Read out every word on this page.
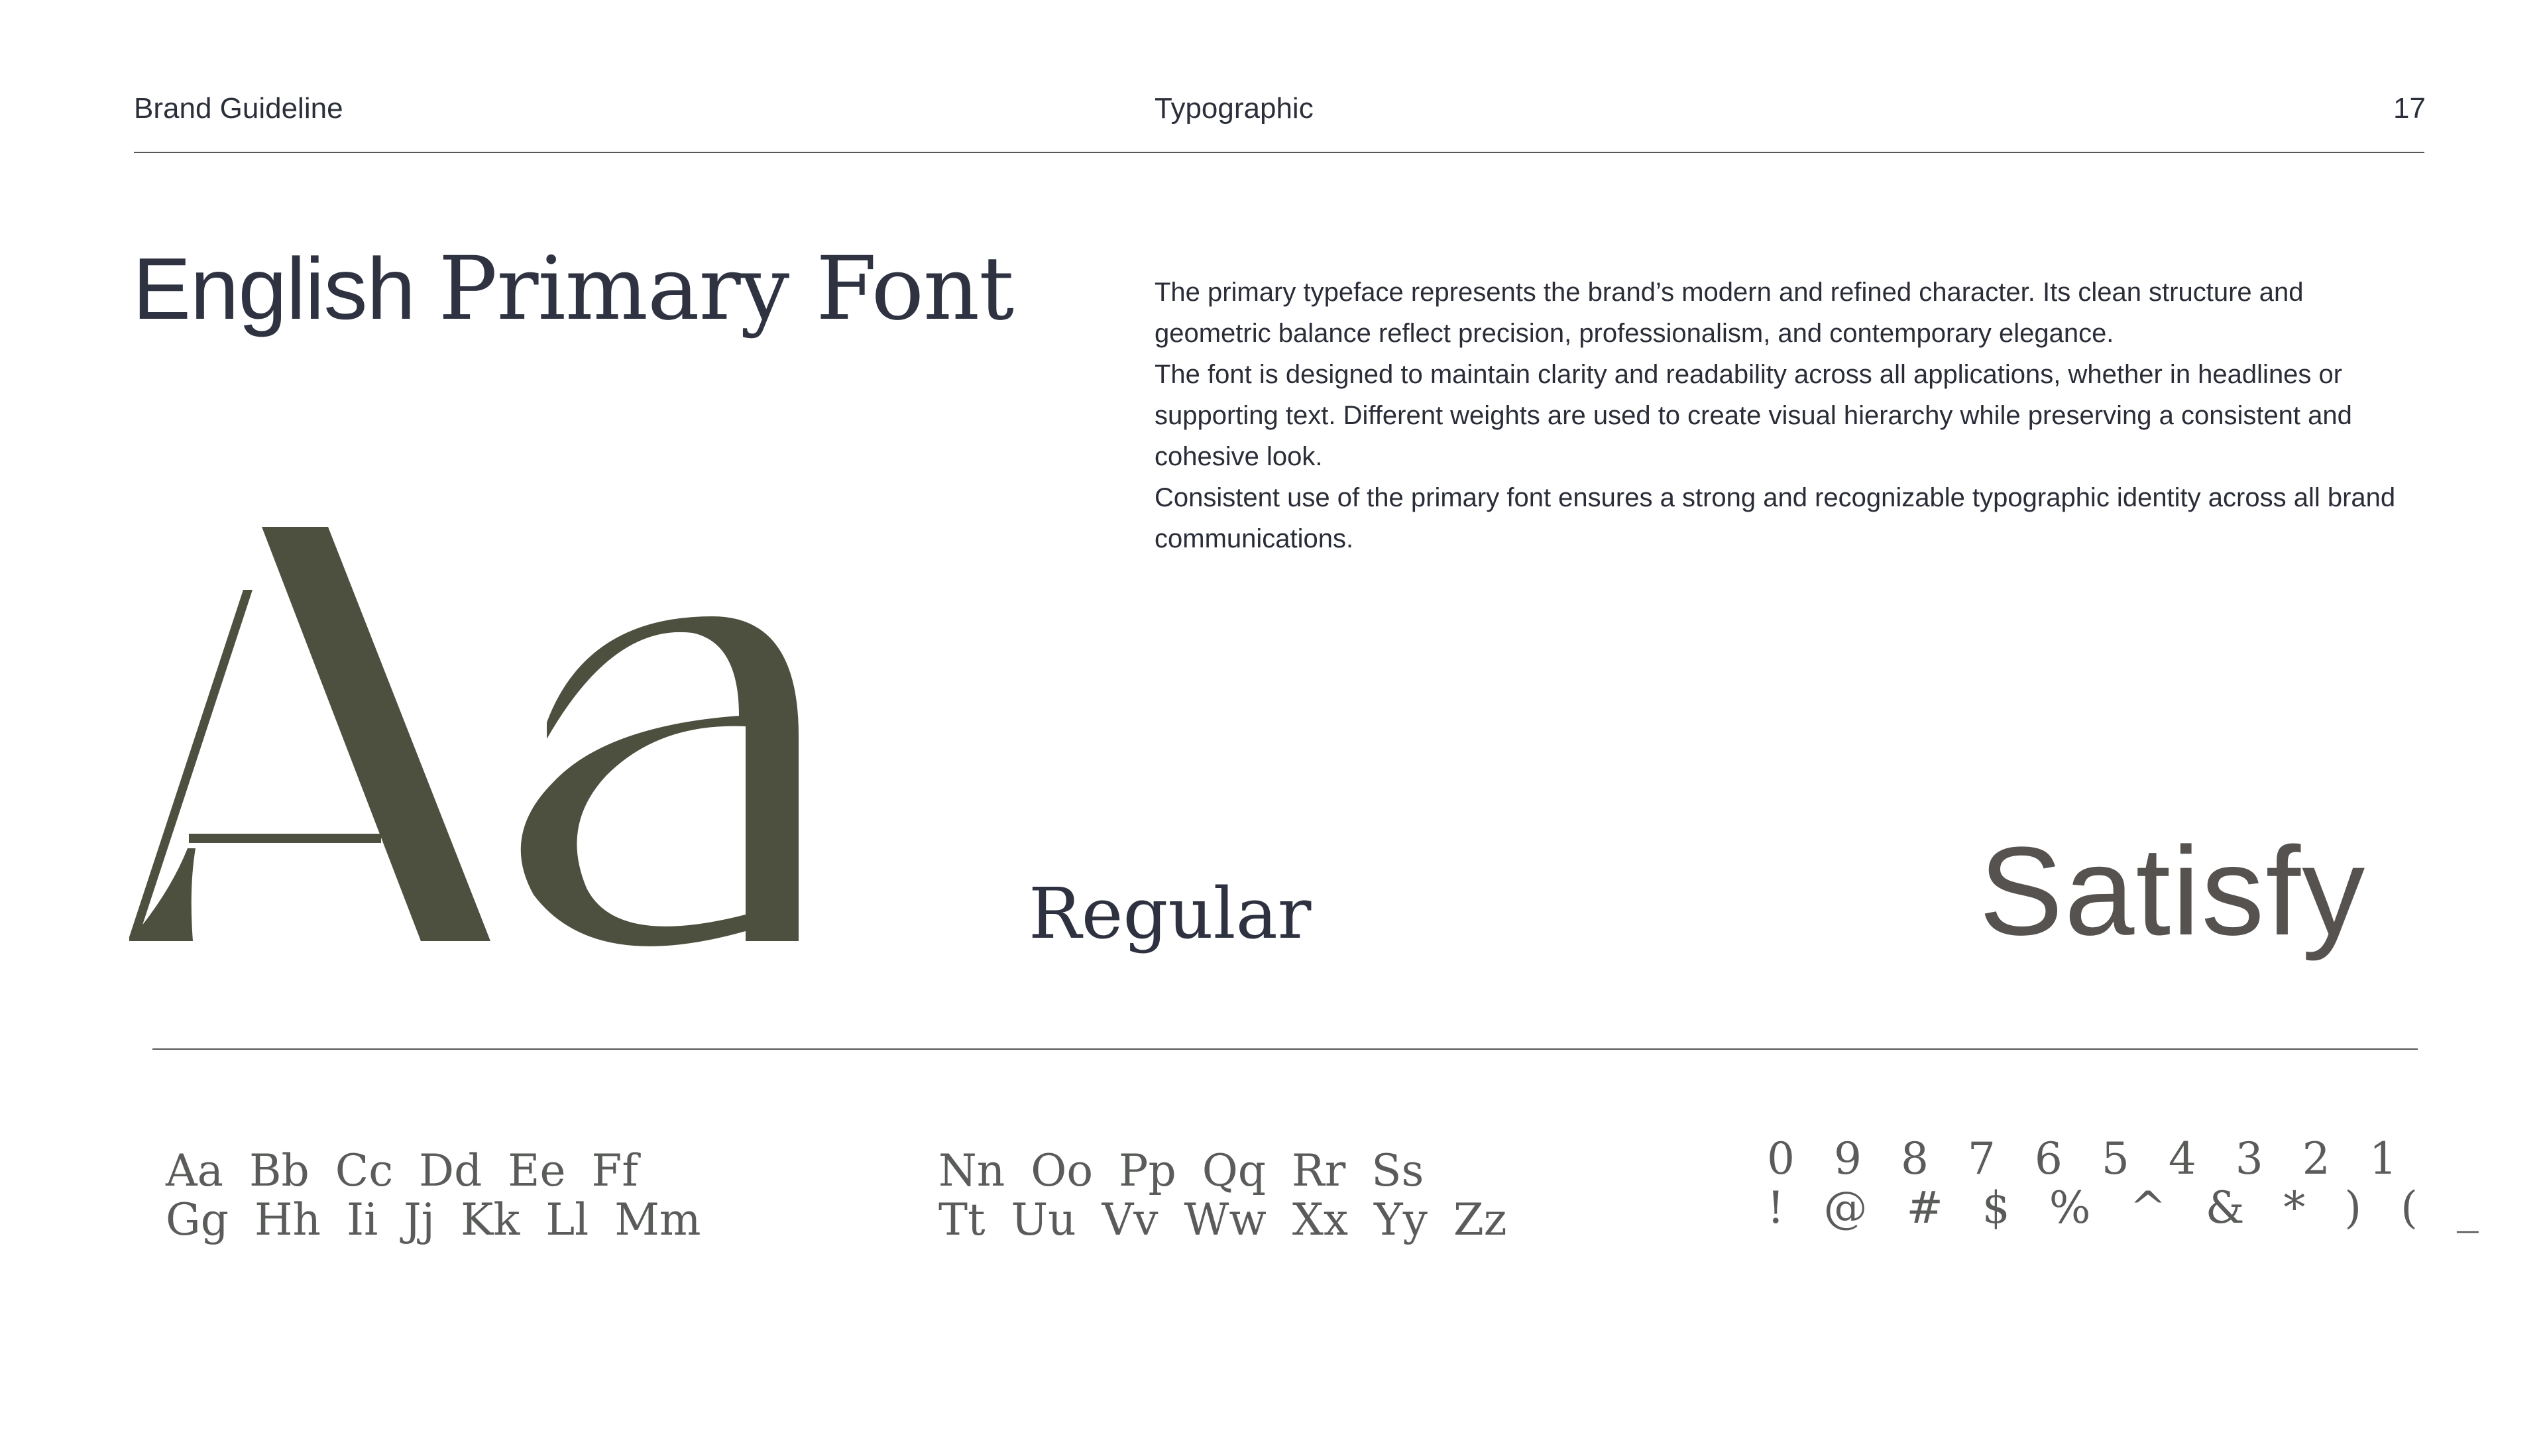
Brand Guideline	Typographic	17
English Primary Font	The primary typeface represents the brand’s modern and refined character. Its clean structure and geometric balance reflect precision, professionalism, and contemporary elegance.

The font is designed to maintain clarity and readability across all applications, whether in headlines or supporting text. Different weights are used to create visual hierarchy while preserving a consistent and cohesive look.

Consistent use of the primary font ensures a strong and recognizable typographic identity across all brand communications.

Regular	Satisfy
Aa Bb Cc Dd Ee Ff
Gg Hh Ii Jj Kk Ll Mm
Nn Oo Pp Qq Rr Ss
Tt Uu Vv Ww Xx Yy Zz
0 9 8 7 6 5 4 3 2 1
! @ # $ % ^ & * ) ( _
